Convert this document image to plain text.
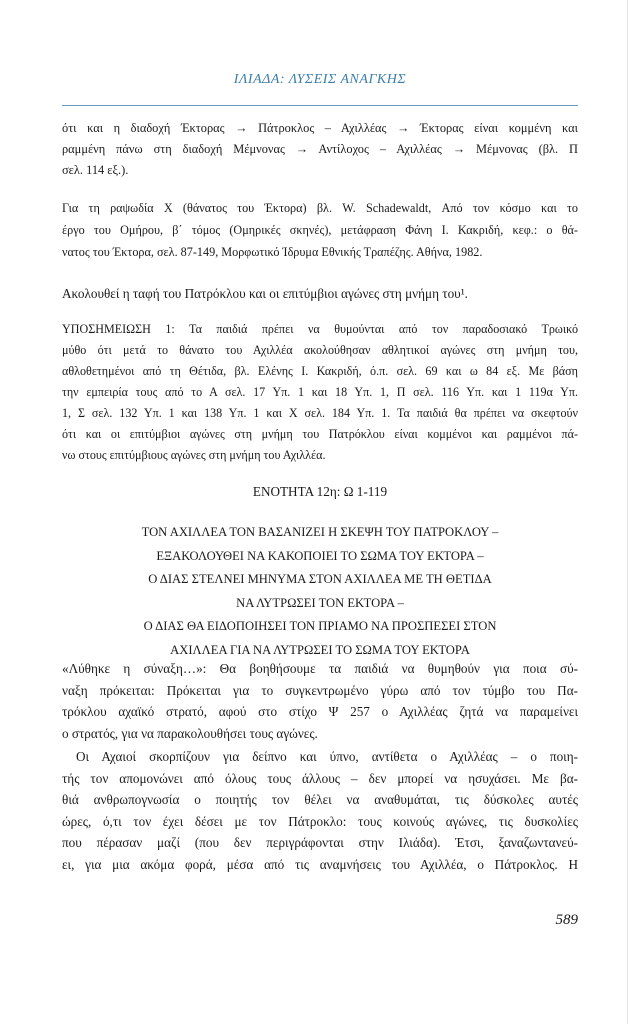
ΙΛΙΑΔΑ: ΛΥΣΕΙΣ ΑΝΑΓΚΗΣ
ότι και η διαδοχή Έκτορας → Πάτροκλος – Αχιλλέας → Έκτορας είναι κομμένη και
ραμμένη πάνω στη διαδοχή Μέμνονας → Αντίλοχος – Αχιλλέας → Μέμνονας (βλ. Π
σελ. 114 εξ.).
Για τη ραψωδία Χ (θάνατος του Έκτορα) βλ. W. Schadewaldt, Από τον κόσμο και το
έργο του Ομήρου, β΄ τόμος (Ομηρικές σκηνές), μετάφραση Φάνη Ι. Κακριδή, κεφ.: ο θά-
νατος του Έκτορα, σελ. 87-149, Μορφωτικό Ίδρυμα Εθνικής Τραπέζης. Αθήνα, 1982.
Ακολουθεί η ταφή του Πατρόκλου και οι επιτύμβιοι αγώνες στη μνήμη του¹.
ΥΠΟΣΗΜΕΙΩΣΗ 1: Τα παιδιά πρέπει να θυμούνται από τον παραδοσιακό Τρωικό
μύθο ότι μετά το θάνατο του Αχιλλέα ακολούθησαν αθλητικοί αγώνες στη μνήμη του,
αθλοθετημένοι από τη Θέτιδα, βλ. Ελένης Ι. Κακριδή, ό.π. σελ. 69 και ω 84 εξ. Με βάση
την εμπειρία τους από το Α σελ. 17 Υπ. 1 και 18 Υπ. 1, Π σελ. 116 Υπ. και 1 119α Υπ.
1, Σ σελ. 132 Υπ. 1 και 138 Υπ. 1 και Χ σελ. 184 Υπ. 1. Τα παιδιά θα πρέπει να σκεφτούν
ότι και οι επιτύμβιοι αγώνες στη μνήμη του Πατρόκλου είναι κομμένοι και ραμμένοι πά-
νω στους επιτύμβιους αγώνες στη μνήμη του Αχιλλέα.
ΕΝΟΤΗΤΑ 12η: Ω 1-119
ΤΟΝ ΑΧΙΛΛΕΑ ΤΟΝ ΒΑΣΑΝΙΖΕΙ Η ΣΚΕΨΗ ΤΟΥ ΠΑΤΡΟΚΛΟΥ –
ΕΞΑΚΟΛΟΥΘΕΙ ΝΑ ΚΑΚΟΠΟΙΕΙ ΤΟ ΣΩΜΑ ΤΟΥ ΕΚΤΟΡΑ –
Ο ΔΙΑΣ ΣΤΕΛΝΕΙ ΜΗΝΥΜΑ ΣΤΟΝ ΑΧΙΛΛΕΑ ΜΕ ΤΗ ΘΕΤΙΔΑ
ΝΑ ΛΥΤΡΩΣΕΙ ΤΟΝ ΕΚΤΟΡΑ –
Ο ΔΙΑΣ ΘΑ ΕΙΔΟΠΟΙΗΣΕΙ ΤΟΝ ΠΡΙΑΜΟ ΝΑ ΠΡΟΣΠΕΣΕΙ ΣΤΟΝ
ΑΧΙΛΛΕΑ ΓΙΑ ΝΑ ΛΥΤΡΩΣΕΙ ΤΟ ΣΩΜΑ ΤΟΥ ΕΚΤΟΡΑ
«Λύθηκε η σύναξη…»: Θα βοηθήσουμε τα παιδιά να θυμηθούν για ποια σύ-
ναξη πρόκειται: Πρόκειται για το συγκεντρωμένο γύρω από τον τύμβο του Πα-
τρόκλου αχαϊκό στρατό, αφού στο στίχο Ψ 257 ο Αχιλλέας ζητά να παραμείνει
ο στρατός, για να παρακολουθήσει τους αγώνες.
Οι Αχαιοί σκορπίζουν για δείπνο και ύπνο, αντίθετα ο Αχιλλέας – ο ποιη-
τής τον απομονώνει από όλους τους άλλους – δεν μπορεί να ησυχάσει. Με βα-
θιά ανθρωπογνωσία ο ποιητής τον θέλει να αναθυμάται, τις δύσκολες αυτές
ώρες, ό,τι τον έχει δέσει με τον Πάτροκλο: τους κοινούς αγώνες, τις δυσκολίες
που πέρασαν μαζί (που δεν περιγράφονται στην Ιλιάδα). Έτσι, ξαναζωντανεύ-
ει, για μια ακόμα φορά, μέσα από τις αναμνήσεις του Αχιλλέα, ο Πάτροκλος. Η
589
